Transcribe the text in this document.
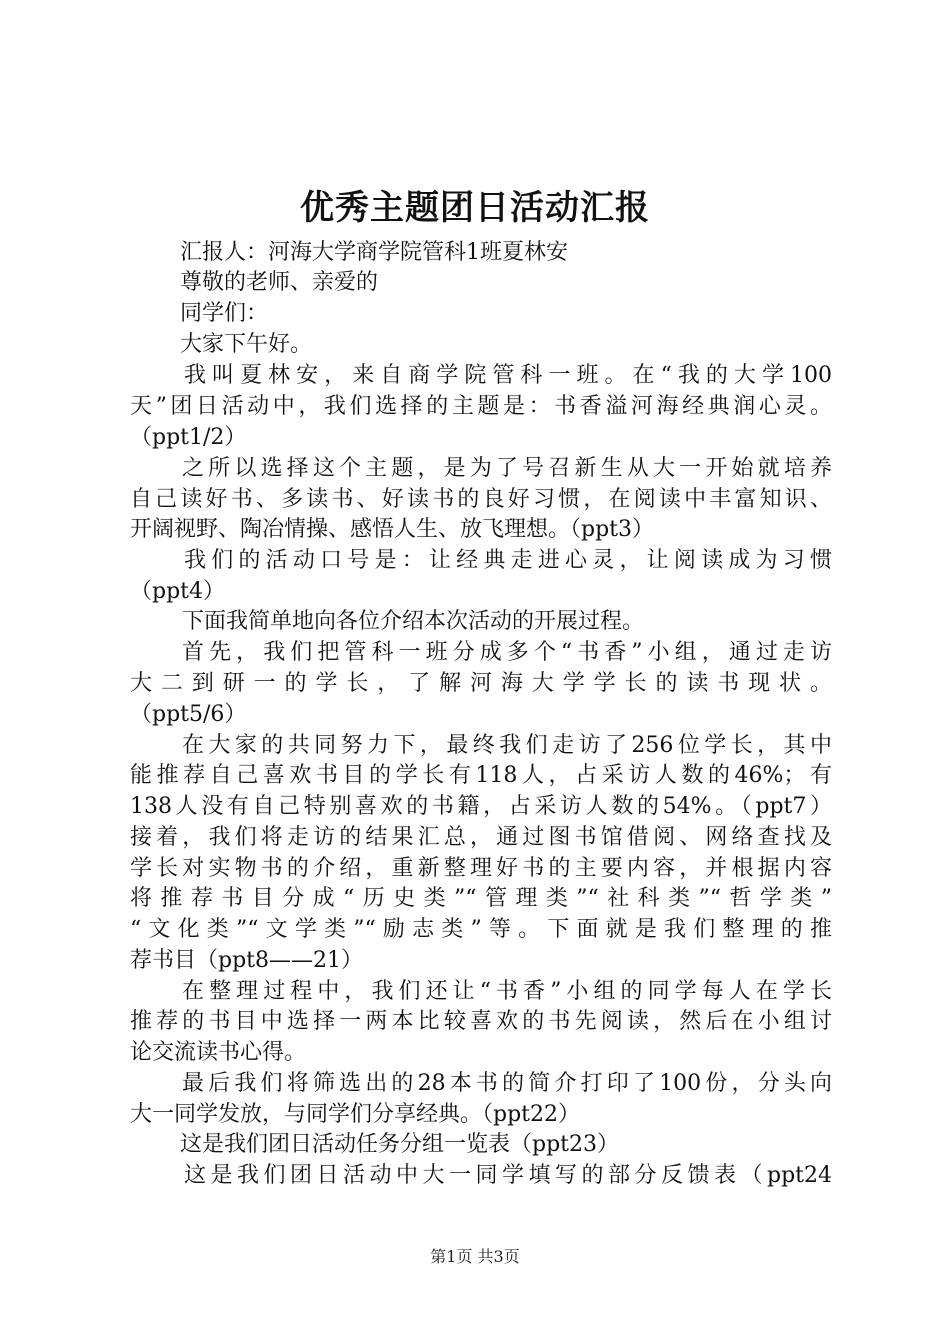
优秀主题团日活动汇报
汇报人：河海大学商学院管科1班夏林安
尊敬的老师、亲爱的
同学们：
大家下午好。
我叫夏林安，来自商学院管科一班。在“我的大学100
天”团日活动中，我们选择的主题是：书香溢河海经典润心灵。
（ppt1/2）
之所以选择这个主题，是为了号召新生从大一开始就培养
自己读好书、多读书、好读书的良好习惯，在阅读中丰富知识、
开阔视野、陶冶情操、感悟人生、放飞理想。（ppt3）
我们的活动口号是：让经典走进心灵，让阅读成为习惯
（ppt4）
下面我简单地向各位介绍本次活动的开展过程。
首先，我们把管科一班分成多个“书香”小组，通过走访
大二到研一的学长，了解河海大学学长的读书现状。
（ppt5/6）
在大家的共同努力下，最终我们走访了256位学长，其中
能推荐自己喜欢书目的学长有118人，占采访人数的46%；有
138人没有自己特别喜欢的书籍，占采访人数的54%。（ppt7）
接着，我们将走访的结果汇总，通过图书馆借阅、网络查找及
学长对实物书的介绍，重新整理好书的主要内容，并根据内容
将推荐书目分成“历史类”“管理类”“社科类”“哲学类”
“文化类”“文学类”“励志类”等。下面就是我们整理的推
荐书目（ppt8——21）
在整理过程中，我们还让“书香”小组的同学每人在学长
推荐的书目中选择一两本比较喜欢的书先阅读，然后在小组讨
论交流读书心得。
最后我们将筛选出的28本书的简介打印了100份，分头向
大一同学发放，与同学们分享经典。（ppt22）
这是我们团日活动任务分组一览表（ppt23）
这是我们团日活动中大一同学填写的部分反馈表（ppt24
第1页 共3页
